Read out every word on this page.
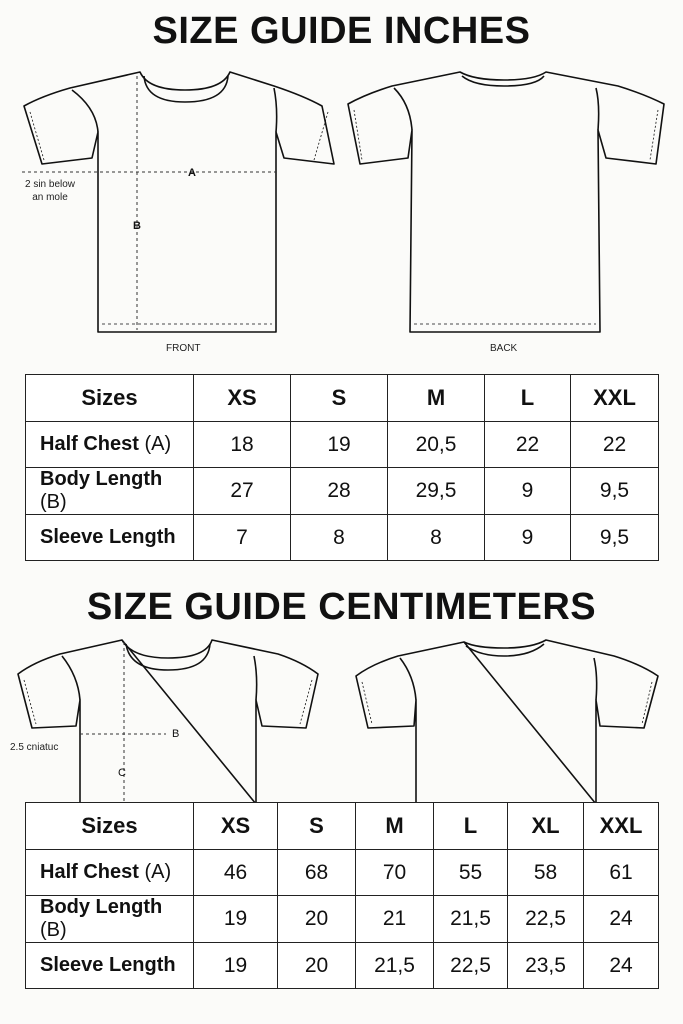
SIZE GUIDE INCHES
A
B
2 sin below
an mole
FRONT	BACK
Sizes	XS	S	M	L	XXL
Half Chest (A)	18	19	20,5	22	22
Body Length (B)	27	28	29,5	9	9,5
Sleeve Length	7	8	8	9	9,5
SIZE GUIDE CENTIMETERS
B
C
2.5 cniatuc
Sizes	XS	S	M	L	XL	XXL
Half Chest (A)	46	68	70	55	58	61
Body Length (B)	19	20	21	21,5	22,5	24
Sleeve Length	19	20	21,5	22,5	23,5	24
